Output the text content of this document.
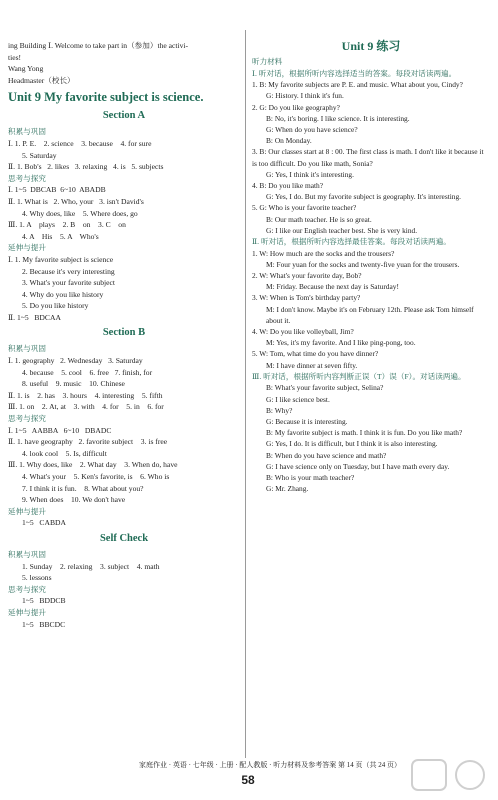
ing Building Ⅰ. Welcome to take part in（参加）the activi-
ties!
Wang Yong
Headmaster（校长）
Unit 9 My favorite subject is science.
Section A
积累与巩固
Ⅰ. 1. P. E.    2. science    3. because    4. for sure
5. Saturday
Ⅱ. 1. Bob's   2. likes   3. relaxing   4. is   5. subjects
思考与探究
Ⅰ. 1~5  DBCAB  6~10  ABADB
Ⅱ. 1. What is   2. Who, your   3. isn't David's
4. Why does, like    5. Where does, go
Ⅲ. 1. A    plays    2. B    on    3. C    on
4. A    His    5. A    Who's
延伸与提升
Ⅰ. 1. My favorite subject is science
2. Because it's very interesting
3. What's your favorite subject
4. Why do you like history
5. Do you like history
Ⅱ. 1~5   BDCAA
Section B
积累与巩固
Ⅰ. 1. geography   2. Wednesday   3. Saturday
4. because    5. cool    6. free   7. finish, for
8. useful    9. music    10. Chinese
Ⅱ. 1. is    2. has    3. hours    4. interesting    5. fifth
Ⅲ. 1. on    2. At, at    3. with    4. for    5. in    6. for
思考与探究
Ⅰ. 1~5   AABBA   6~10   DBADC
Ⅱ. 1. have geography   2. favorite subject    3. is free
4. look cool    5. Is, difficult
Ⅲ. 1. Why does, like    2. What day    3. When do, have
4. What's your    5. Ken's favorite, is    6. Who is
7. I think it is fun.    8. What about you?
9. When does    10. We don't have
延伸与提升
1~5   CABDA
Self Check
积累与巩固
1. Sunday    2. relaxing    3. subject    4. math
5. lessons
思考与探究
1~5   BDDCB
延伸与提升
1~5   BBCDC
Unit 9 练习
听力材料
Ⅰ. 听对话，根据所听内容选择适当的答案。每段对话读两遍。
1. B: My favorite subjects are P. E. and music. What about you, Cindy?
G: History. I think it's fun.
2. G: Do you like geography?
B: No, it's boring. I like science. It is interesting.
G: When do you have science?
B: On Monday.
3. B: Our classes start at 8 : 00. The first class is math. I don't like it because it is too difficult. Do you like math, Sonia?
G: Yes, I think it's interesting.
4. B: Do you like math?
G: Yes, I do. But my favorite subject is geography. It's interesting.
5. G: Who is your favorite teacher?
B: Our math teacher. He is so great.
G: I like our English teacher best. She is very kind.
Ⅱ. 听对话，根据所听内容选择最佳答案。每段对话读两遍。
1. W: How much are the socks and the trousers?
M: Four yuan for the socks and twenty-five yuan for the trousers.
2. W: What's your favorite day, Bob?
M: Friday. Because the next day is Saturday!
3. W: When is Tom's birthday party?
M: I don't know. Maybe it's on February 12th. Please ask Tom himself about it.
4. W: Do you like volleyball, Jim?
M: Yes, it's my favorite. And I like ping-pong, too.
5. W: Tom, what time do you have dinner?
M: I have dinner at seven fifty.
Ⅲ. 听对话，根据所听内容判断正误（T）误（F）。对话读两遍。
B: What's your favorite subject, Selina?
G: I like science best.
B: Why?
G: Because it is interesting.
B: My favorite subject is math. I think it is fun. Do you like math?
G: Yes, I do. It is difficult, but I think it is also interesting.
B: When do you have science and math?
G: I have science only on Tuesday, but I have math every day.
B: Who is your math teacher?
G: Mr. Zhang.
家庭作业 · 英语 · 七年级 · 上册 · 配人教版 · 听力材料及参考答案 第 14 页（共 24 页）
58
